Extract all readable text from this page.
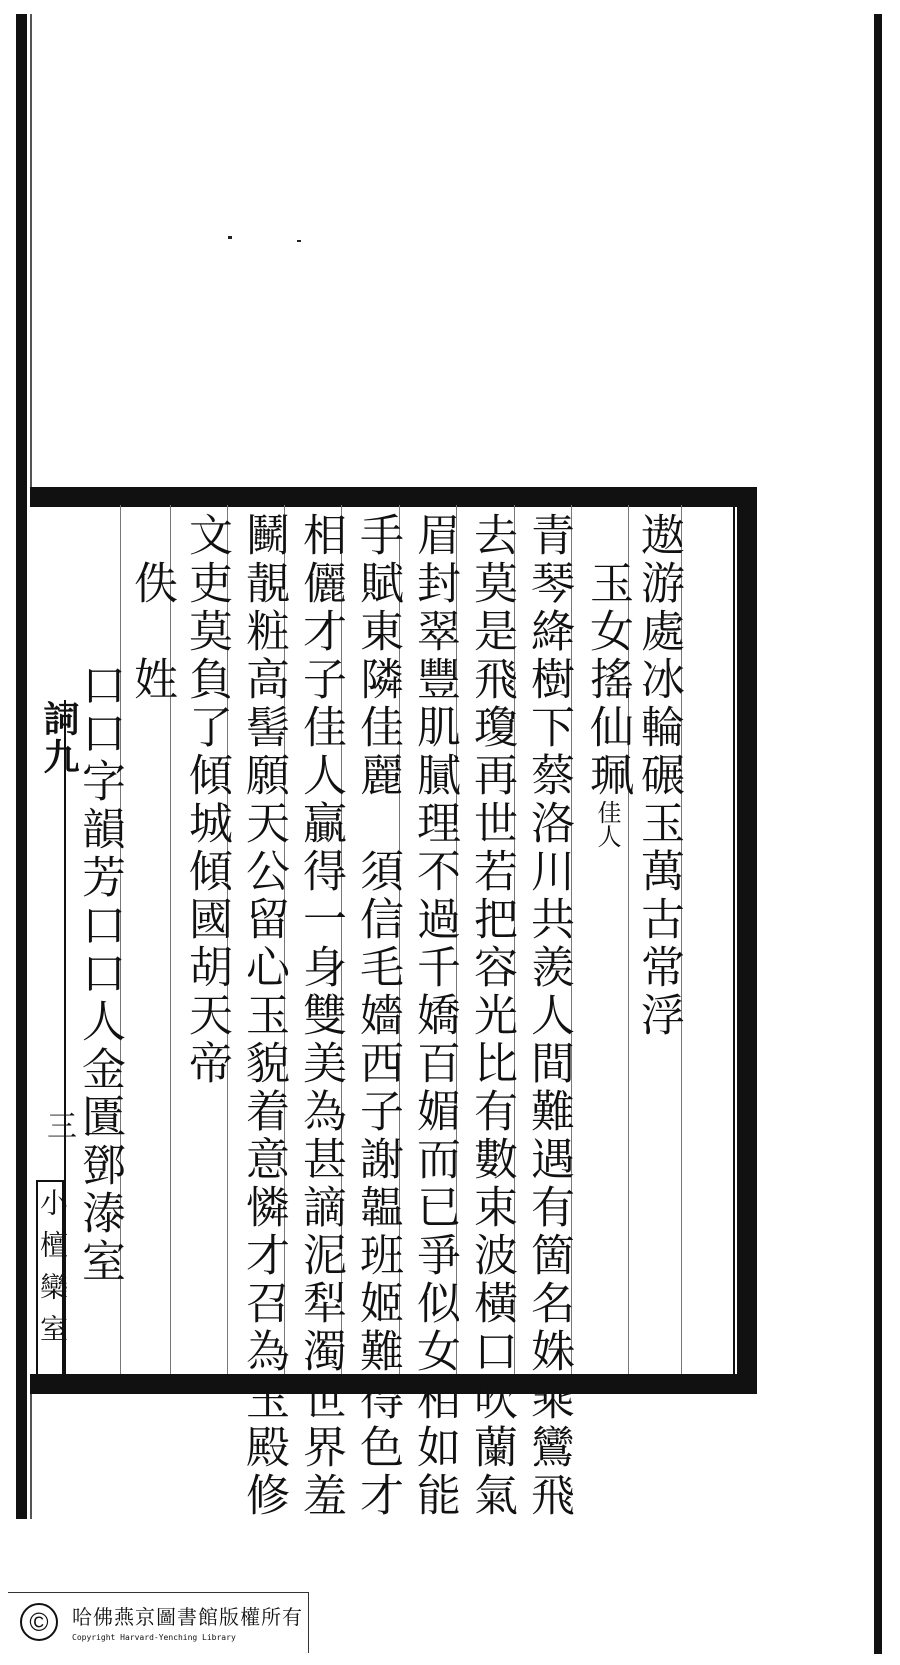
遨游處冰輪碾玉萬古常浮
玉女搖仙珮佳人
青琴絳樹下蔡洛川共羨人間難遇有箇名姝乘鸞飛
去莫是飛瓊再世若把容光比有數束波橫口吹蘭氣
眉封翠豐肌膩理不過千嬌百媚而已爭似女相如能
手賦東隣佳麗　須信毛嬙西子謝韞班姬難得色才
相儷才子佳人贏得一身雙美為甚謫泥犁濁世界羞
鬭靚粧高髻願天公留心玉貌着意憐才召為玉殿修
文吏莫負了傾城傾國胡天帝
佚　姓
口口字韻芳口口人金匱鄧溙室
詞九
三
小檀欒室
©	哈佛燕京圖書館版權所有
Copyright Harvard-Yenching Library
